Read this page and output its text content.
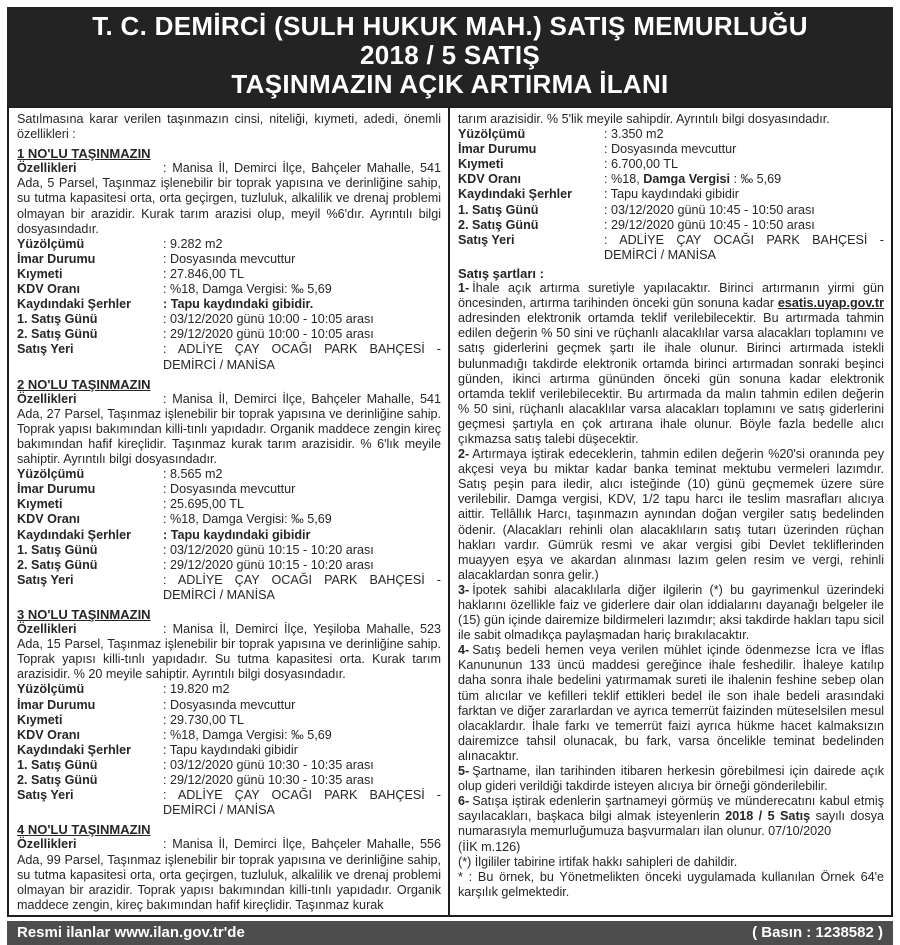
T. C. DEMİRCİ (SULH HUKUK MAH.) SATIŞ MEMURLUĞU
2018 / 5 SATIŞ
TAŞINMAZIN AÇIK ARTIRMA İLANI

Satılmasına karar verilen taşınmazın cinsi, niteliği, kıymeti, adedi, önemli özellikleri :

1 NO'LU TAŞINMAZIN

Özellikleri	: Manisa İl, Demirci İlçe, Bahçeler Mahalle, 541 Ada, 5 Parsel, Taşınmaz işlenebilir bir toprak yapısına ve derinliğine sahip, su tutma kapasitesi orta, orta geçirgen, tuzluluk, alkalilik ve drenaj problemi olmayan bir arazidir. Kurak tarım arazisi olup, meyil %6'dır. Ayrıntılı bilgi dosyasındadır.

Yüzölçümü	: 9.282 m2
İmar Durumu	: Dosyasında mevcuttur
Kıymeti	: 27.846,00 TL
KDV Oranı	: %18, Damga Vergisi: ‰ 5,69
Kaydındaki Şerhler	: Tapu kaydındaki gibidir.
1. Satış Günü	: 03/12/2020 günü 10:00 - 10:05 arası
2. Satış Günü	: 29/12/2020 günü 10:00 - 10:05 arası
Satış Yeri	: ADLİYE ÇAY OCAĞI PARK BAHÇESİ - DEMİRCİ / MANİSA
2 NO'LU TAŞINMAZIN

Özellikleri	: Manisa İl, Demirci İlçe, Bahçeler Mahalle, 541 Ada, 27 Parsel, Taşınmaz işlenebilir bir toprak yapısına ve derinliğine sahip. Toprak yapısı bakımından killi-tınlı yapıdadır. Organik maddece zengin kireç bakımından hafif kireçlidir. Taşınmaz kurak tarım arazisidir. % 6'lık meyile sahiptir. Ayrıntılı bilgi dosyasındadır.

Yüzölçümü	: 8.565 m2
İmar Durumu	: Dosyasında mevcuttur
Kıymeti	: 25.695,00 TL
KDV Oranı	: %18, Damga Vergisi: ‰ 5,69
Kaydındaki Şerhler	: Tapu kaydındaki gibidir
1. Satış Günü	: 03/12/2020 günü 10:15 - 10:20 arası
2. Satış Günü	: 29/12/2020 günü 10:15 - 10:20 arası
Satış Yeri	: ADLİYE ÇAY OCAĞI PARK BAHÇESİ - DEMİRCİ / MANİSA
3 NO'LU TAŞINMAZIN

Özellikleri	: Manisa İl, Demirci İlçe, Yeşiloba Mahalle, 523 Ada, 15 Parsel, Taşınmaz işlenebilir bir toprak yapısına ve derinliğine sahip. Toprak yapısı killi-tınlı yapıdadır. Su tutma kapasitesi orta. Kurak tarım arazisidir. % 20 meyile sahiptir. Ayrıntılı bilgi dosyasındadır.

Yüzölçümü	: 19.820 m2
İmar Durumu	: Dosyasında mevcuttur
Kıymeti	: 29.730,00 TL
KDV Oranı	: %18, Damga Vergisi: ‰ 5,69
Kaydındaki Şerhler	: Tapu kaydındaki gibidir
1. Satış Günü	: 03/12/2020 günü 10:30 - 10:35 arası
2. Satış Günü	: 29/12/2020 günü 10:30 - 10:35 arası
Satış Yeri	: ADLİYE ÇAY OCAĞI PARK BAHÇESİ - DEMİRCİ / MANİSA
4 NO'LU TAŞINMAZIN

Özellikleri	: Manisa İl, Demirci İlçe, Bahçeler Mahalle, 556 Ada, 99 Parsel, Taşınmaz işlenebilir bir toprak yapısına ve derinliğine sahip, su tutma kapasitesi orta, orta geçirgen, tuzluluk, alkalilik ve drenaj problemi olmayan bir arazidir. Toprak yapısı bakımından killi-tınlı yapıdadır. Organik maddece zengin, kireç bakımından hafif kireçlidir. Taşınmaz kurak

tarım arazisidir. % 5'lik meyile sahipdir. Ayrıntılı bilgi dosyasındadır.

Yüzölçümü	: 3.350 m2
İmar Durumu	: Dosyasında mevcuttur
Kıymeti	: 6.700,00 TL
KDV Oranı	: %18, Damga Vergisi : ‰ 5,69
Kaydındaki Şerhler	: Tapu kaydındaki gibidir
1. Satış Günü	: 03/12/2020 günü 10:45 - 10:50 arası
2. Satış Günü	: 29/12/2020 günü 10:45 - 10:50 arası
Satış Yeri	: ADLİYE ÇAY OCAĞI PARK BAHÇESİ - DEMİRCİ / MANİSA

Satış şartları :

1- İhale açık artırma suretiyle yapılacaktır. Birinci artırmanın yirmi gün öncesinden, artırma tarihinden önceki gün sonuna kadar esatis.uyap.gov.tr adresinden elektronik ortamda teklif verilebilecektir. Bu artırmada tahmin edilen değerin % 50 sini ve rüçhanlı alacaklılar varsa alacakları toplamını ve satış giderlerini geçmek şartı ile ihale olunur. Birinci artırmada istekli bulunmadığı takdirde elektronik ortamda birinci artırmadan sonraki beşinci günden, ikinci artırma gününden önceki gün sonuna kadar elektronik ortamda teklif verilebilecektir. Bu artırmada da malın tahmin edilen değerin % 50 sini, rüçhanlı alacaklılar varsa alacakları toplamını ve satış giderlerini geçmesi şartıyla en çok artırana ihale olunur. Böyle fazla bedelle alıcı çıkmazsa satış talebi düşecektir.

2- Artırmaya iştirak edeceklerin, tahmin edilen değerin %20'si oranında pey akçesi veya bu miktar kadar banka teminat mektubu vermeleri lazımdır. Satış peşin para iledir, alıcı isteğinde (10) günü geçmemek üzere süre verilebilir. Damga vergisi, KDV, 1/2 tapu harcı ile teslim masrafları alıcıya aittir. Tellâllık Harcı, taşınmazın aynından doğan vergiler satış bedelinden ödenir. (Alacakları rehinli olan alacaklıların satış tutarı üzerinden rüçhan hakları vardır. Gümrük resmi ve akar vergisi gibi Devlet tekliflerinden muayyen eşya ve akardan alınması lazım gelen resim ve vergi, rehinli alacaklardan sonra gelir.)

3- İpotek sahibi alacaklılarla diğer ilgilerin (*) bu gayrimenkul üzerindeki haklarını özellikle faiz ve giderlere dair olan iddialarını dayanağı belgeler ile (15) gün içinde dairemize bildirmeleri lazımdır; aksi takdirde hakları tapu sicil ile sabit olmadıkça paylaşmadan hariç bırakılacaktır.

4- Satış bedeli hemen veya verilen mühlet içinde ödenmezse İcra ve İflas Kanununun 133 üncü maddesi gereğince ihale feshedilir. İhaleye katılıp daha sonra ihale bedelini yatırmamak sureti ile ihalenin feshine sebep olan tüm alıcılar ve kefilleri teklif ettikleri bedel ile son ihale bedeli arasındaki farktan ve diğer zararlardan ve ayrıca temerrüt faizinden müteselsilen mesul olacaklardır. İhale farkı ve temerrüt faizi ayrıca hükme hacet kalmaksızın dairemizce tahsil olunacak, bu fark, varsa öncelikle teminat bedelinden alınacaktır.

5- Şartname, ilan tarihinden itibaren herkesin görebilmesi için dairede açık olup gideri verildiği takdirde isteyen alıcıya bir örneği gönderilebilir.

6- Satışa iştirak edenlerin şartnameyi görmüş ve münderecatını kabul etmiş sayılacakları, başkaca bilgi almak isteyenlerin 2018 / 5 Satış sayılı dosya numarasıyla memurluğumuza başvurmaları ilan olunur. 07/10/2020

(İİK m.126)

(*) İlgililer tabirine irtifak hakkı sahipleri de dahildir.

* : Bu örnek, bu Yönetmelikten önceki uygulamada kullanılan Örnek 64'e karşılık gelmektedir.

Resmi ilanlar www.ilan.gov.tr'de	( Basın : 1238582 )
